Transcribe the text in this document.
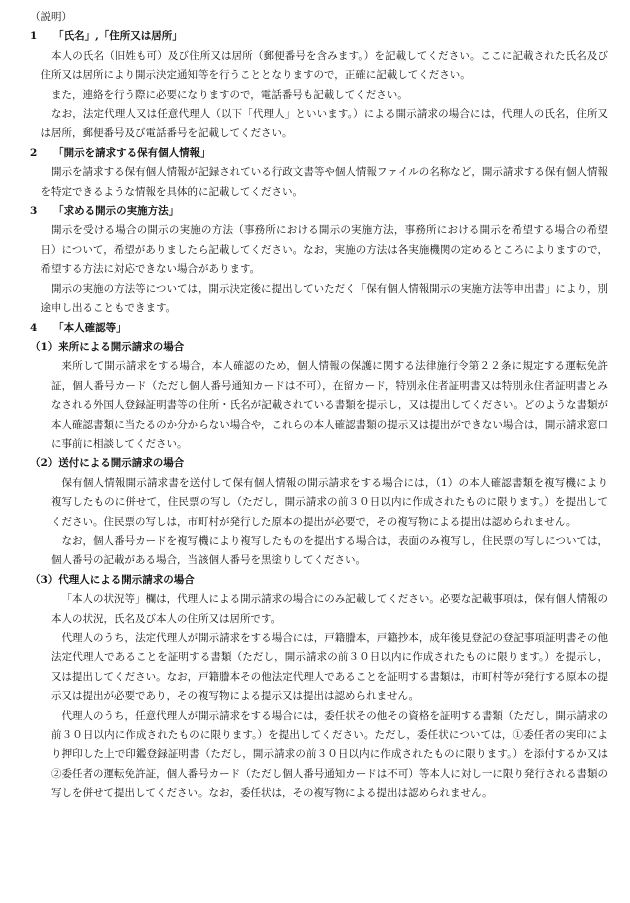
（説明）
1 「氏名」,「住所又は居所」
本人の氏名（旧姓も可）及び住所又は居所（郵便番号を含みます。）を記載してください。ここに記載された氏名及び住所又は居所により開示決定通知等を行うこととなりますので，正確に記載してください。
また，連絡を行う際に必要になりますので，電話番号も記載してください。
なお，法定代理人又は任意代理人（以下「代理人」といいます。）による開示請求の場合には，代理人の氏名，住所又は居所，郵便番号及び電話番号を記載してください。
2 「開示を請求する保有個人情報」
開示を請求する保有個人情報が記録されている行政文書等や個人情報ファイルの名称など，開示請求する保有個人情報を特定できるような情報を具体的に記載してください。
3 「求める開示の実施方法」
開示を受ける場合の開示の実施の方法（事務所における開示の実施方法，事務所における開示を希望する場合の希望日）について，希望がありましたら記載してください。なお，実施の方法は各実施機関の定めるところによりますので，希望する方法に対応できない場合があります。
開示の実施の方法等については，開示決定後に提出していただく「保有個人情報開示の実施方法等申出書」により，別途申し出ることもできます。
4 「本人確認等」
（1）来所による開示請求の場合
来所して開示請求をする場合，本人確認のため，個人情報の保護に関する法律施行令第２２条に規定する運転免許証，個人番号カード（ただし個人番号通知カードは不可），在留カード，特別永住者証明書又は特別永住者証明書とみなされる外国人登録証明書等の住所・氏名が記載されている書類を提示し，又は提出してください。どのような書類が本人確認書類に当たるのか分からない場合や，これらの本人確認書類の提示又は提出ができない場合は，開示請求窓口に事前に相談してください。
（2）送付による開示請求の場合
保有個人情報開示請求書を送付して保有個人情報の開示請求をする場合には，（1）の本人確認書類を複写機により複写したものに併せて，住民票の写し（ただし，開示請求の前３０日以内に作成されたものに限ります。）を提出してください。住民票の写しは，市町村が発行した原本の提出が必要で，その複写物による提出は認められません。
なお，個人番号カードを複写機により複写したものを提出する場合は，表面のみ複写し，住民票の写しについては，個人番号の記載がある場合，当該個人番号を黒塗りしてください。
（3）代理人による開示請求の場合
「本人の状況等」欄は，代理人による開示請求の場合にのみ記載してください。必要な記載事項は，保有個人情報の本人の状況，氏名及び本人の住所又は居所です。
代理人のうち，法定代理人が開示請求をする場合には，戸籍謄本，戸籍抄本，成年後見登記の登記事項証明書その他法定代理人であることを証明する書類（ただし，開示請求の前３０日以内に作成されたものに限ります。）を提示し，又は提出してください。なお，戸籍謄本その他法定代理人であることを証明する書類は，市町村等が発行する原本の提示又は提出が必要であり，その複写物による提示又は提出は認められません。
代理人のうち，任意代理人が開示請求をする場合には，委任状その他その資格を証明する書類（ただし，開示請求の前３０日以内に作成されたものに限ります。）を提出してください。ただし，委任状については，①委任者の実印により押印した上で印鑑登録証明書（ただし，開示請求の前３０日以内に作成されたものに限ります。）を添付するか又は②委任者の運転免許証，個人番号カード（ただし個人番号通知カードは不可）等本人に対し一に限り発行される書類の写しを併せて提出してください。なお，委任状は，その複写物による提出は認められません。
